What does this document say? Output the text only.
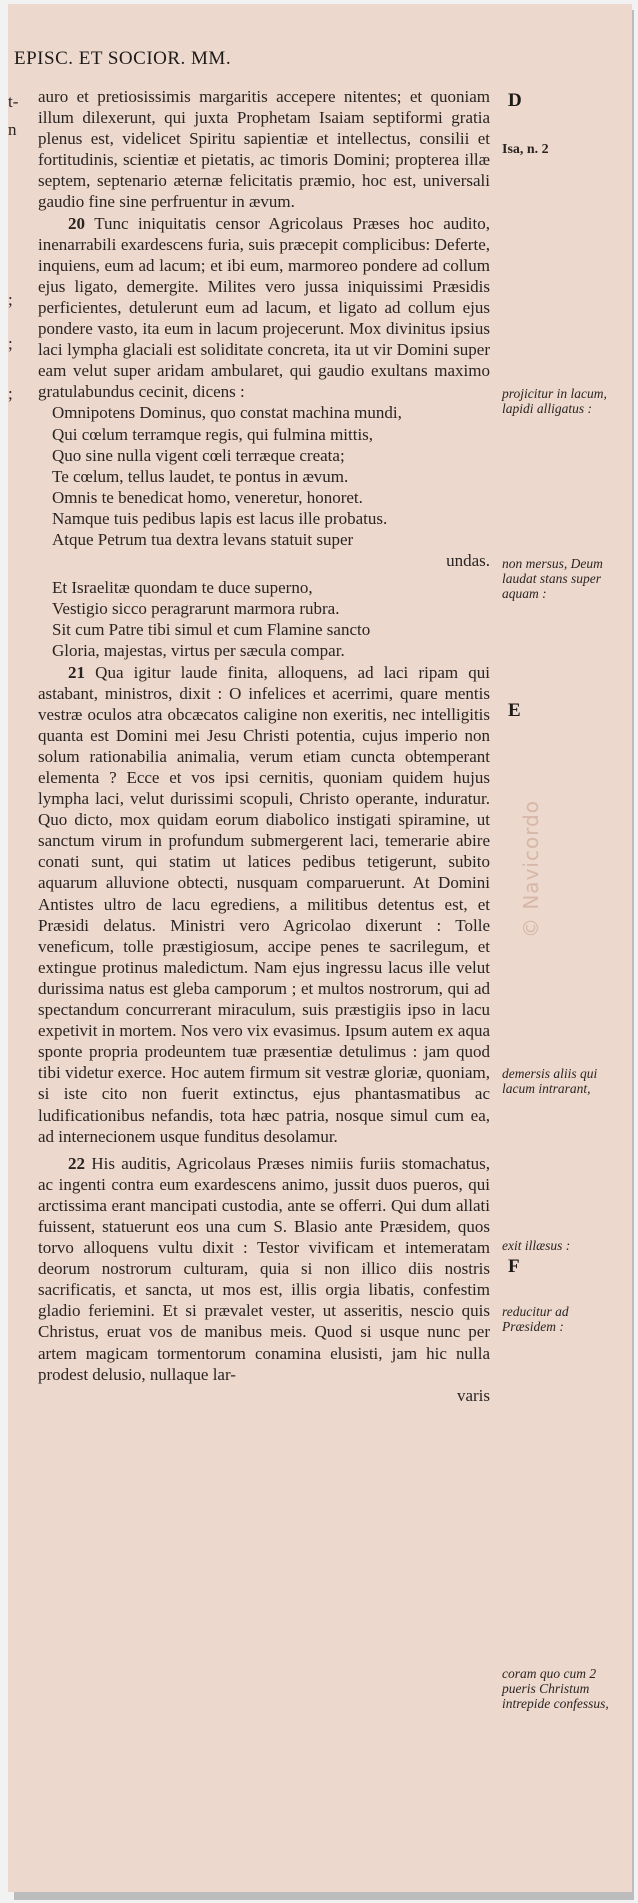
EPISC. ET SOCIOR. MM.
t-
n
;
;
;

auro et pretiosissimis margaritis accepere nitentes; et quoniam illum dilexerunt, qui juxta Prophetam Isaiam septiformi gratia plenus est, videlicet Spiritu sapientiæ et intellectus, consilii et fortitudinis, scientiæ et pietatis, ac timoris Domini; propterea illæ septem, septenario æternæ felicitatis præmio, hoc est, universali gaudio fine sine perfruentur in ævum.

20 Tunc iniquitatis censor Agricolaus Præses hoc audito, inenarrabili exardescens furia, suis præcepit complicibus: Deferte, inquiens, eum ad lacum; et ibi eum, marmoreo pondere ad collum ejus ligato, demergite. Milites vero jussa iniquissimi Præsidis perficientes, detulerunt eum ad lacum, et ligato ad collum ejus pondere vasto, ita eum in lacum projecerunt. Mox divinitus ipsius laci lympha glaciali est soliditate concreta, ita ut vir Domini super eam velut super aridam ambularet, qui gaudio exultans maximo gratulabundus cecinit, dicens :

Omnipotens Dominus, quo constat machina mundi,
Qui cœlum terramque regis, qui fulmina mittis,
Quo sine nulla vigent cœli terræque creata;
Te cœlum, tellus laudet, te pontus in ævum.
Omnis te benedicat homo, veneretur, honoret.
Namque tuis pedibus lapis est lacus ille probatus.
Atque Petrum tua dextra levans statuit super
undas.
Et Israelitæ quondam te duce superno,
Vestigio sicco peragrarunt marmora rubra.
Sit cum Patre tibi simul et cum Flamine sancto
Gloria, majestas, virtus per sæcula compar.

21 Qua igitur laude finita, alloquens, ad laci ripam qui astabant, ministros, dixit : O infelices et acerrimi, quare mentis vestræ oculos atra obcæcatos caligine non exeritis, nec intelligitis quanta est Domini mei Jesu Christi potentia, cujus imperio non solum rationabilia animalia, verum etiam cuncta obtemperant elementa ? Ecce et vos ipsi cernitis, quoniam quidem hujus lympha laci, velut durissimi scopuli, Christo operante, induratur. Quo dicto, mox quidam eorum diabolico instigati spiramine, ut sanctum virum in profundum submergerent laci, temerarie abire conati sunt, qui statim ut latices pedibus tetigerunt, subito aquarum alluvione obtecti, nusquam comparuerunt. At Domini Antistes ultro de lacu egrediens, a militibus detentus est, et Præsidi delatus. Ministri vero Agricolao dixerunt : Tolle veneficum, tolle præstigiosum, accipe penes te sacrilegum, et extingue protinus maledictum. Nam ejus ingressu lacus ille velut durissima natus est gleba camporum ; et multos nostrorum, qui ad spectandum concurrerant miraculum, suis præstigiis ipso in lacu expetivit in mortem. Nos vero vix evasimus. Ipsum autem ex aqua sponte propria prodeuntem tuæ præsentiæ detulimus : jam quod tibi videtur exerce. Hoc autem firmum sit vestræ gloriæ, quoniam, si iste cito non fuerit extinctus, ejus phantasmatibus ac ludificationibus nefandis, tota hæc patria, nosque simul cum ea, ad internecionem usque funditus desolamur.

22 His auditis, Agricolaus Præses nimiis furiis stomachatus, ac ingenti contra eum exardescens animo, jussit duos pueros, qui arctissima erant mancipati custodia, ante se offerri. Qui dum allati fuissent, statuerunt eos una cum S. Blasio ante Præsidem, quos torvo alloquens vultu dixit : Testor vivificam et intemeratam deorum nostrorum culturam, quia si non illico diis nostris sacrificatis, et sancta, ut mos est, illis orgia libatis, confestim gladio feriemini. Et si prævalet vester, ut asseritis, nescio quis Christus, eruat vos de manibus meis. Quod si usque nunc per artem magicam tormentorum conamina elusisti, jam hic nulla prodest delusio, nullaque lar-

varis

D
Isa, n. 2
projicitur in lacum, lapidi alligatus :
non mersus, Deum laudat stans super aquam :
E
© Navicordo
demersis aliis qui lacum intrarant,
exit illæsus :
F
reducitur ad Præsidem :
coram quo cum 2 pueris Christum intrepide confessus,
